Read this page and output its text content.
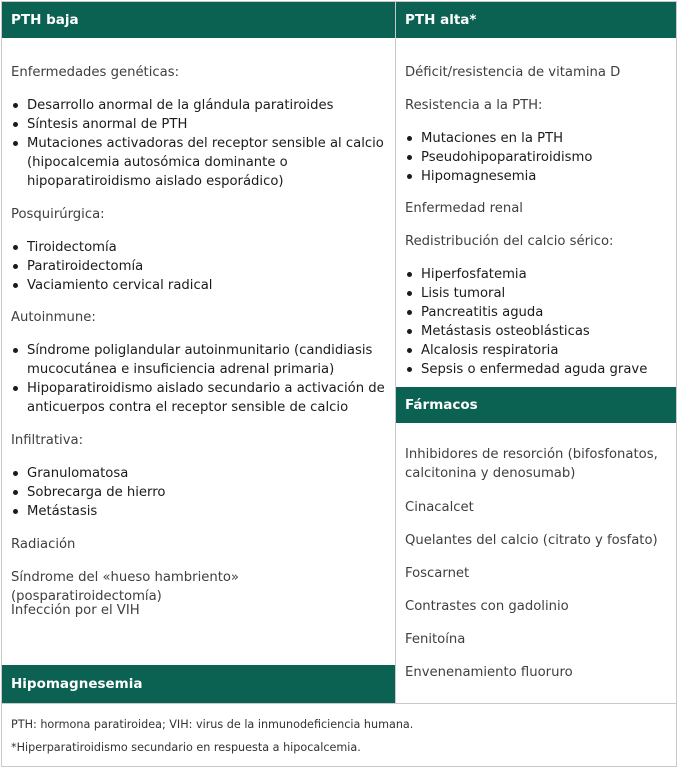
PTH baja

Enfermedades genéticas:

Desarrollo anormal de la glándula paratiroides
Síntesis anormal de PTH
Mutaciones activadoras del receptor sensible al calcio (hipocalcemia autosómica dominante o hipoparatiroidismo aislado esporádico)

Posquirúrgica:

Tiroidectomía
Paratiroidectomía
Vaciamiento cervical radical

Autoinmune:

Síndrome poliglandular autoinmunitario (candidiasis mucocutánea e insuficiencia adrenal primaria)
Hipoparatiroidismo aislado secundario a activación de anticuerpos contra el receptor sensible de calcio

Infiltrativa:

Granulomatosa
Sobrecarga de hierro
Metástasis

Radiación

Síndrome del «hueso hambriento» (posparatiroidectomía)

Infección por el VIH

Hipomagnesemia
PTH alta*

Déficit/resistencia de vitamina D

Resistencia a la PTH:

Mutaciones en la PTH
Pseudohipoparatiroidismo
Hipomagnesemia

Enfermedad renal

Redistribución del calcio sérico:

Hiperfosfatemia
Lisis tumoral
Pancreatitis aguda
Metástasis osteoblásticas
Alcalosis respiratoria
Sepsis o enfermedad aguda grave
Fármacos

Inhibidores de resorción (bifosfonatos, calcitonina y denosumab)

Cinacalcet

Quelantes del calcio (citrato y fosfato)

Foscarnet

Contrastes con gadolinio

Fenitoína

Envenenamiento fluoruro

PTH: hormona paratiroidea; VIH: virus de la inmunodeficiencia humana.
*Hiperparatiroidismo secundario en respuesta a hipocalcemia.
